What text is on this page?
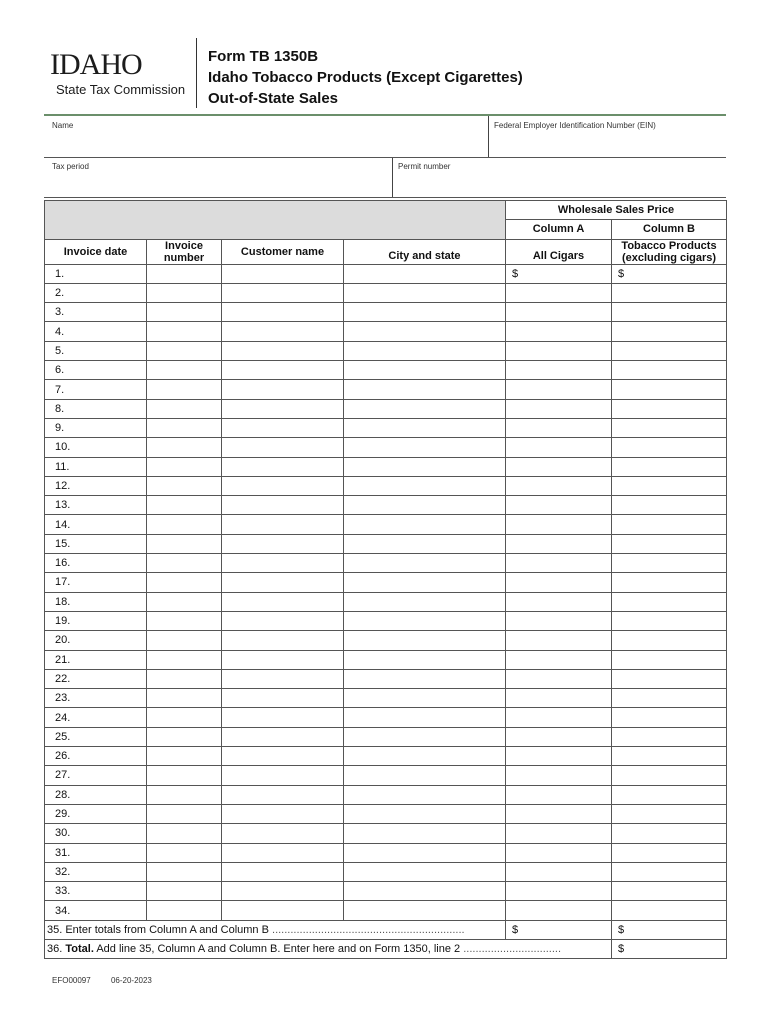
IDAHO
State Tax Commission
Form TB 1350B
Idaho Tobacco Products (Except Cigarettes)
Out-of-State Sales
Name	Federal Employer Identification Number (EIN)
Tax period	Permit number
				Wholesale Sales Price	
				Column A	Column B
Invoice date	Invoice number	Customer name	City and state	All Cigars	Tobacco Products (excluding cigars)
1.				$	$
2.					
3.					
4.					
5.					
6.					
7.					
8.					
9.					
10.					
11.					
12.					
13.					
14.					
15.					
16.					
17.					
18.					
19.					
20.					
21.					
22.					
23.					
24.					
25.					
26.					
27.					
28.					
29.					
30.					
31.					
32.					
33.					
34.					
35. Enter totals from Column A and Column B ...............................................................				$	$
36. Total. Add line 35, Column A and Column B. Enter here and on Form 1350, line 2 ................................					$
EFO00097	06-20-2023
